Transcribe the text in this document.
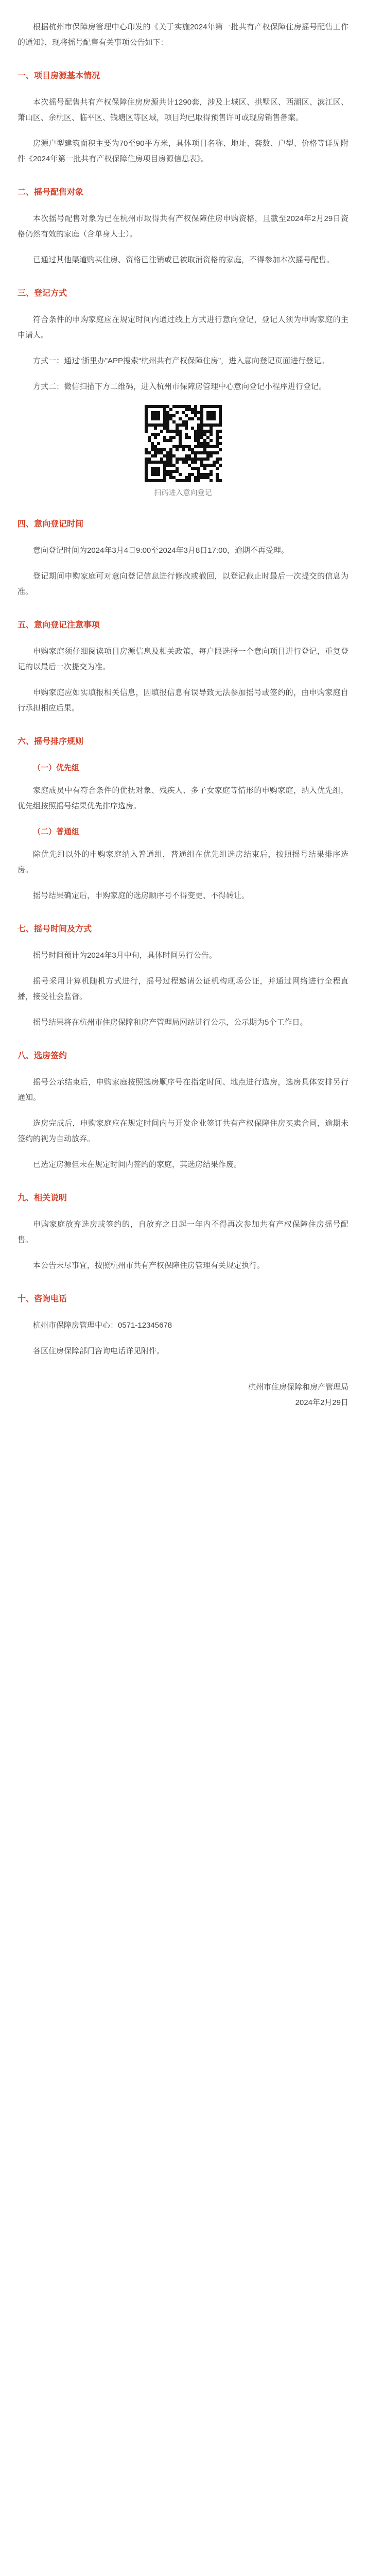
根据杭州市保障房管理中心印发的《关于实施2024年第一批共有产权保障住房摇号配售工作的通知》，现将摇号配售有关事项公告如下：

一、项目房源基本情况

本次摇号配售共有产权保障住房房源共计1290套，涉及上城区、拱墅区、西湖区、滨江区、萧山区、余杭区、临平区、钱塘区等区域，项目均已取得预售许可或现房销售备案。

房源户型建筑面积主要为70至90平方米，具体项目名称、地址、套数、户型、价格等详见附件《2024年第一批共有产权保障住房项目房源信息表》。

二、摇号配售对象

本次摇号配售对象为已在杭州市取得共有产权保障住房申购资格，且截至2024年2月29日资格仍然有效的家庭（含单身人士）。

已通过其他渠道购买住房、资格已注销或已被取消资格的家庭，不得参加本次摇号配售。

三、登记方式

符合条件的申购家庭应在规定时间内通过线上方式进行意向登记，登记人须为申购家庭的主申请人。

方式一：通过“浙里办”APP搜索“杭州共有产权保障住房”，进入意向登记页面进行登记。

方式二：微信扫描下方二维码，进入杭州市保障房管理中心意向登记小程序进行登记。

扫码进入意向登记
四、意向登记时间

意向登记时间为2024年3月4日9:00至2024年3月8日17:00，逾期不再受理。

登记期间申购家庭可对意向登记信息进行修改或撤回，以登记截止时最后一次提交的信息为准。

五、意向登记注意事项

申购家庭须仔细阅读项目房源信息及相关政策，每户限选择一个意向项目进行登记，重复登记的以最后一次提交为准。

申购家庭应如实填报相关信息，因填报信息有误导致无法参加摇号或签约的，由申购家庭自行承担相应后果。

六、摇号排序规则
（一）优先组

家庭成员中有符合条件的优抚对象、残疾人、多子女家庭等情形的申购家庭，纳入优先组，优先组按照摇号结果优先排序选房。

（二）普通组

除优先组以外的申购家庭纳入普通组，普通组在优先组选房结束后，按照摇号结果排序选房。

摇号结果确定后，申购家庭的选房顺序号不得变更、不得转让。

七、摇号时间及方式

摇号时间预计为2024年3月中旬，具体时间另行公告。

摇号采用计算机随机方式进行，摇号过程邀请公证机构现场公证，并通过网络进行全程直播，接受社会监督。

摇号结果将在杭州市住房保障和房产管理局网站进行公示，公示期为5个工作日。

八、选房签约

摇号公示结束后，申购家庭按照选房顺序号在指定时间、地点进行选房，选房具体安排另行通知。

选房完成后，申购家庭应在规定时间内与开发企业签订共有产权保障住房买卖合同，逾期未签约的视为自动放弃。

已选定房源但未在规定时间内签约的家庭，其选房结果作废。

九、相关说明

申购家庭放弃选房或签约的，自放弃之日起一年内不得再次参加共有产权保障住房摇号配售。

本公告未尽事宜，按照杭州市共有产权保障住房管理有关规定执行。

十、咨询电话

杭州市保障房管理中心：0571-12345678

各区住房保障部门咨询电话详见附件。

杭州市住房保障和房产管理局

2024年2月29日
